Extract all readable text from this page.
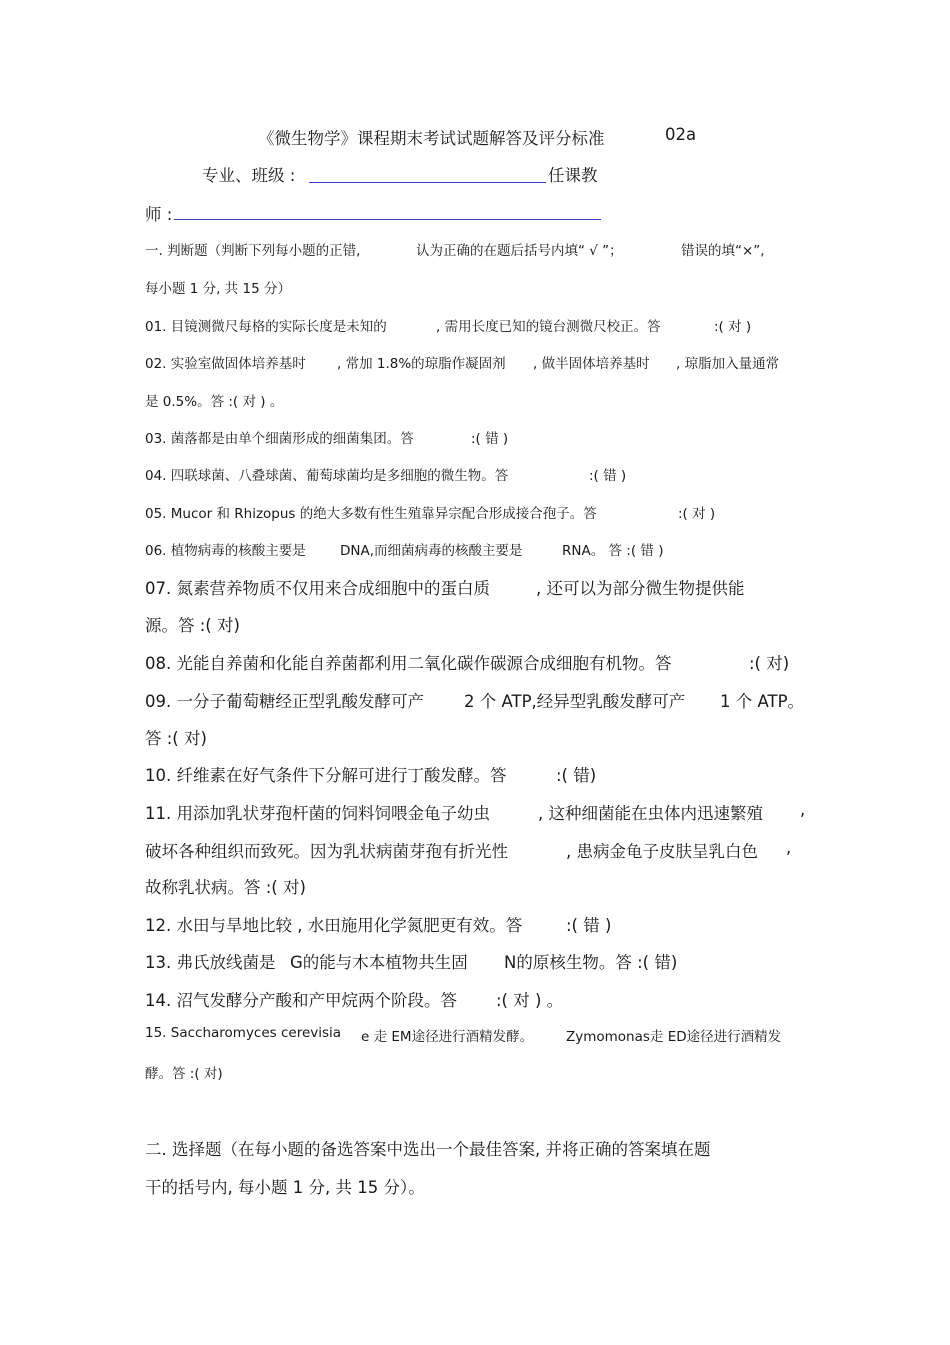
《微生物学》课程期末考试试题解答及评分标准	02a
专业、班级 :	任课教
师 :
一. 判断题（判断下列每小题的正错,	认为正确的在题后括号内填“ √ ”；	错误的填“×”,
每小题 1 分, 共 15 分）
01. 目镜测微尺每格的实际长度是未知的	, 需用长度已知的镜台测微尺校正。答	:( 对 )
02. 实验室做固体培养基时 , 常加 1.8%的琼脂作凝固剂 , 做半固体培养基时 , 琼脂加入量通常
是 0.5%。答 :( 对 ) 。
03. 菌落都是由单个细菌形成的细菌集团。答	:( 错 )
04. 四联球菌、八叠球菌、葡萄球菌均是多细胞的微生物。答	:( 错 )
05. Mucor 和 Rhizopus 的绝大多数有性生殖靠异宗配合形成接合孢子。答	:( 对 )
06. 植物病毒的核酸主要是	DNA,而细菌病毒的核酸主要是	RNA。 答 :( 错 )
07. 氮素营养物质不仅用来合成细胞中的蛋白质	, 还可以为部分微生物提供能
源。答 :( 对)
08. 光能自养菌和化能自养菌都利用二氧化碳作碳源合成细胞有机物。答	:( 对)
09. 一分子葡萄糖经正型乳酸发酵可产 2 个 ATP,经异型乳酸发酵可产 1 个 ATP。
答 :( 对)
10. 纤维素在好气条件下分解可进行丁酸发酵。答	:( 错)
11. 用添加乳状芽孢杆菌的饲料饲喂金龟子幼虫	, 这种细菌能在虫体内迅速繁殖 ,
破坏各种组织而致死。因为乳状病菌芽孢有折光性	, 患病金龟子皮肤呈乳白色 ,
故称乳状病。答 :( 对)
12. 水田与旱地比较 , 水田施用化学氮肥更有效。答	:( 错 )
13. 弗氏放线菌是 G的能与木本植物共生固 N的原核生物。答 :( 错)
14. 沼气发酵分产酸和产甲烷两个阶段。答 :( 对 ) 。
15. Saccharomyces cerevisia e 走 EM途径进行酒精发酵。 Zymomonas走 ED途径进行酒精发
酵。答 :( 对)
二. 选择题（在每小题的备选答案中选出一个最佳答案, 并将正确的答案填在题
干的括号内, 每小题 1 分, 共 15 分）。
